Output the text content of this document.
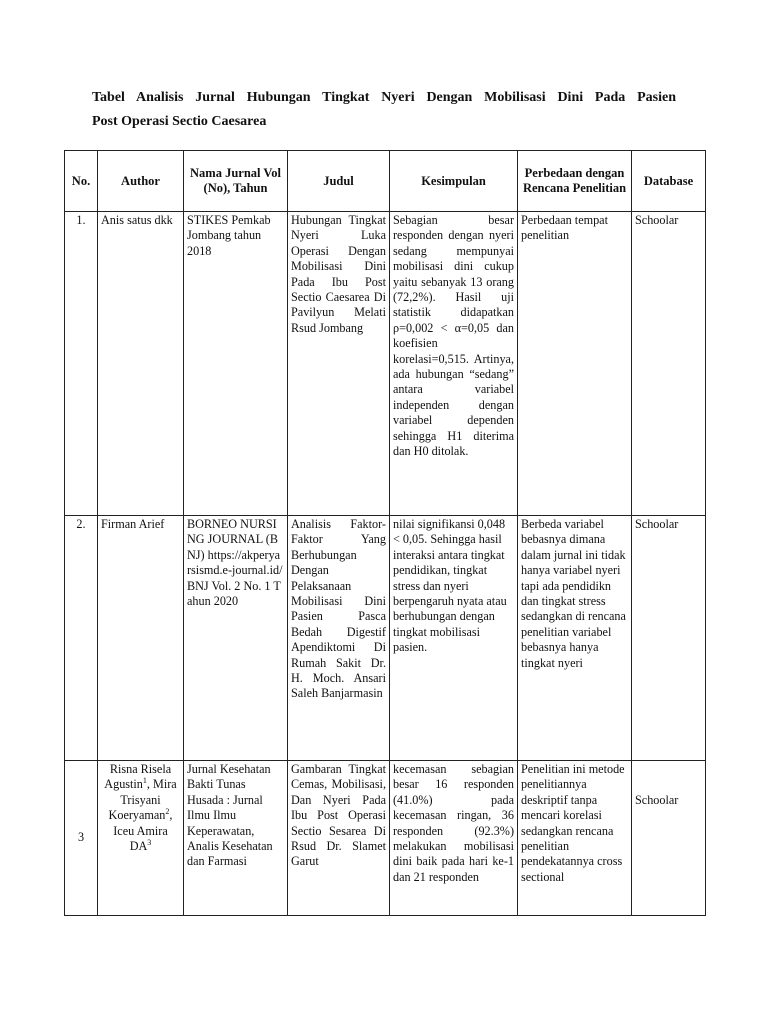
Tabel Analisis Jurnal Hubungan Tingkat Nyeri Dengan Mobilisasi Dini Pada Pasien
Post Operasi Sectio Caesarea
No.	Author	Nama Jurnal Vol (No), Tahun	Judul	Kesimpulan	Perbedaan dengan Rencana Penelitian	Database
1.	Anis satus dkk	STIKES Pemkab Jombang tahun 2018	Hubungan Tingkat Nyeri Luka Operasi Dengan Mobilisasi Dini Pada Ibu Post Sectio Caesarea Di Pavilyun Melati Rsud Jombang	Sebagian besar responden dengan nyeri sedang mempunyai mobilisasi dini cukup yaitu sebanyak 13 orang (72,2%). Hasil uji statistik didapatkan ρ=0,002 < α=0,05 dan koefisien korelasi=0,515. Artinya, ada hubungan “sedang” antara variabel independen dengan variabel dependen sehingga H1 diterima dan H0 ditolak.	Perbedaan tempat penelitian	Schoolar
2.	Firman Arief	BORNEO NURSING JOURNAL (BNJ) https://akperyarsismd.e-journal.id/BNJ Vol. 2 No. 1 Tahun 2020	Analisis Faktor-Faktor Yang Berhubungan Dengan Pelaksanaan Mobilisasi Dini Pasien Pasca Bedah Digestif Apendiktomi Di Rumah Sakit Dr. H. Moch. Ansari Saleh Banjarmasin	nilai signifikansi 0,048 < 0,05. Sehingga hasil interaksi antara tingkat pendidikan, tingkat stress dan nyeri berpengaruh nyata atau berhubungan dengan tingkat mobilisasi pasien.	Berbeda variabel bebasnya dimana dalam jurnal ini tidak hanya variabel nyeri tapi ada pendidikn dan tingkat stress sedangkan di rencana penelitian variabel bebasnya hanya tingkat nyeri	Schoolar
3	Risna Risela Agustin$^1$, Mira Trisyani Koeryaman$^2$, Iceu Amira $DA^3$	Jurnal Kesehatan Bakti Tunas Husada : Jurnal Ilmu Ilmu Keperawatan, Analis Kesehatan dan Farmasi	Gambaran Tingkat Cemas, Mobilisasi, Dan Nyeri Pada Ibu Post Operasi Sectio Sesarea Di Rsud Dr. Slamet Garut	kecemasan sebagian besar 16 responden (41.0%) pada kecemasan ringan, 36 responden (92.3%) melakukan mobilisasi dini baik pada hari ke-1 dan 21 responden	Penelitian ini metode penelitiannya deskriptif tanpa mencari korelasi sedangkan rencana penelitian pendekatannya cross sectional	Schoolar
